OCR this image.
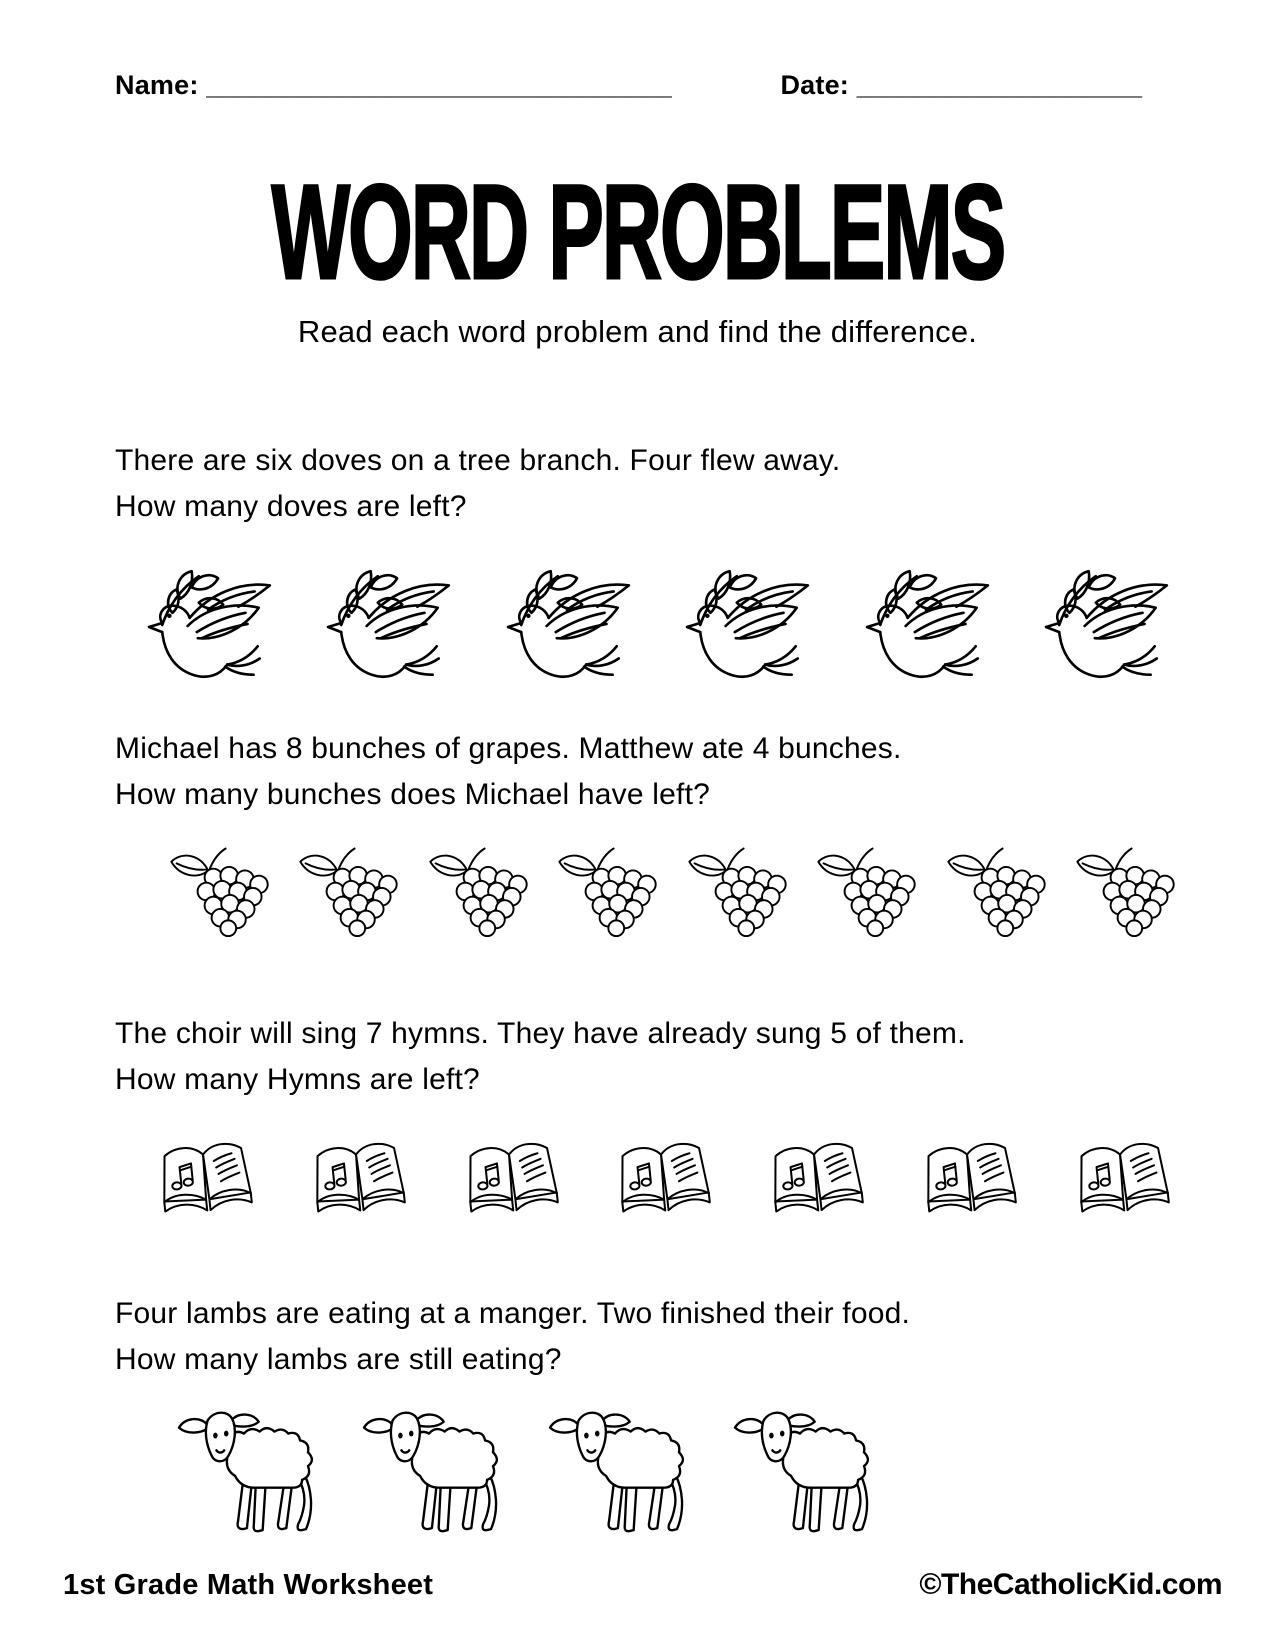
Name: _______________________________	Date: ___________________
WORD PROBLEMS
Read each word problem and find the difference.
There are six doves on a tree branch. Four flew away.
How many doves are left?
Michael has 8 bunches of grapes. Matthew ate 4 bunches.
How many bunches does Michael have left?
The choir will sing 7 hymns. They have already sung 5 of them.
How many Hymns are left?
Four lambs are eating at a manger. Two finished their food.
How many lambs are still eating?
1st Grade Math Worksheet	©TheCatholicKid.com
